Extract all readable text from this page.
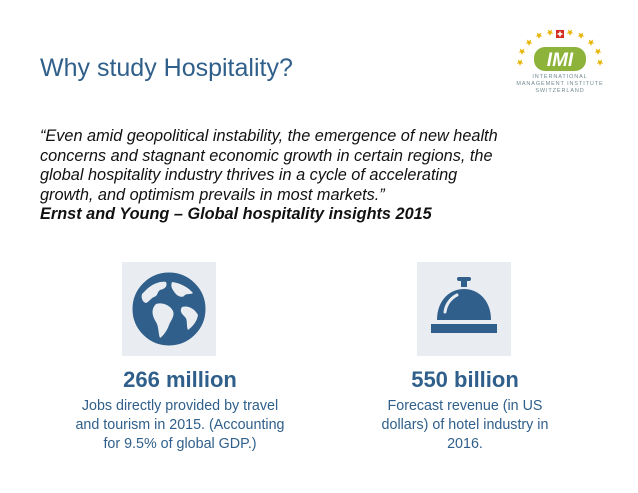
Why study Hospitality?	IMI
INTERNATIONAL
MANAGEMENT INSTITUTE
SWITZERLAND
“Even amid geopolitical instability, the emergence of new health
concerns and stagnant economic growth in certain regions, the
global hospitality industry thrives in a cycle of accelerating
growth, and optimism prevails in most markets.”
Ernst and Young – Global hospitality insights 2015
266 million
Jobs directly provided by travel
and tourism in 2015. (Accounting
for 9.5% of global GDP.)
550 billion
Forecast revenue (in US
dollars) of hotel industry in
2016.
